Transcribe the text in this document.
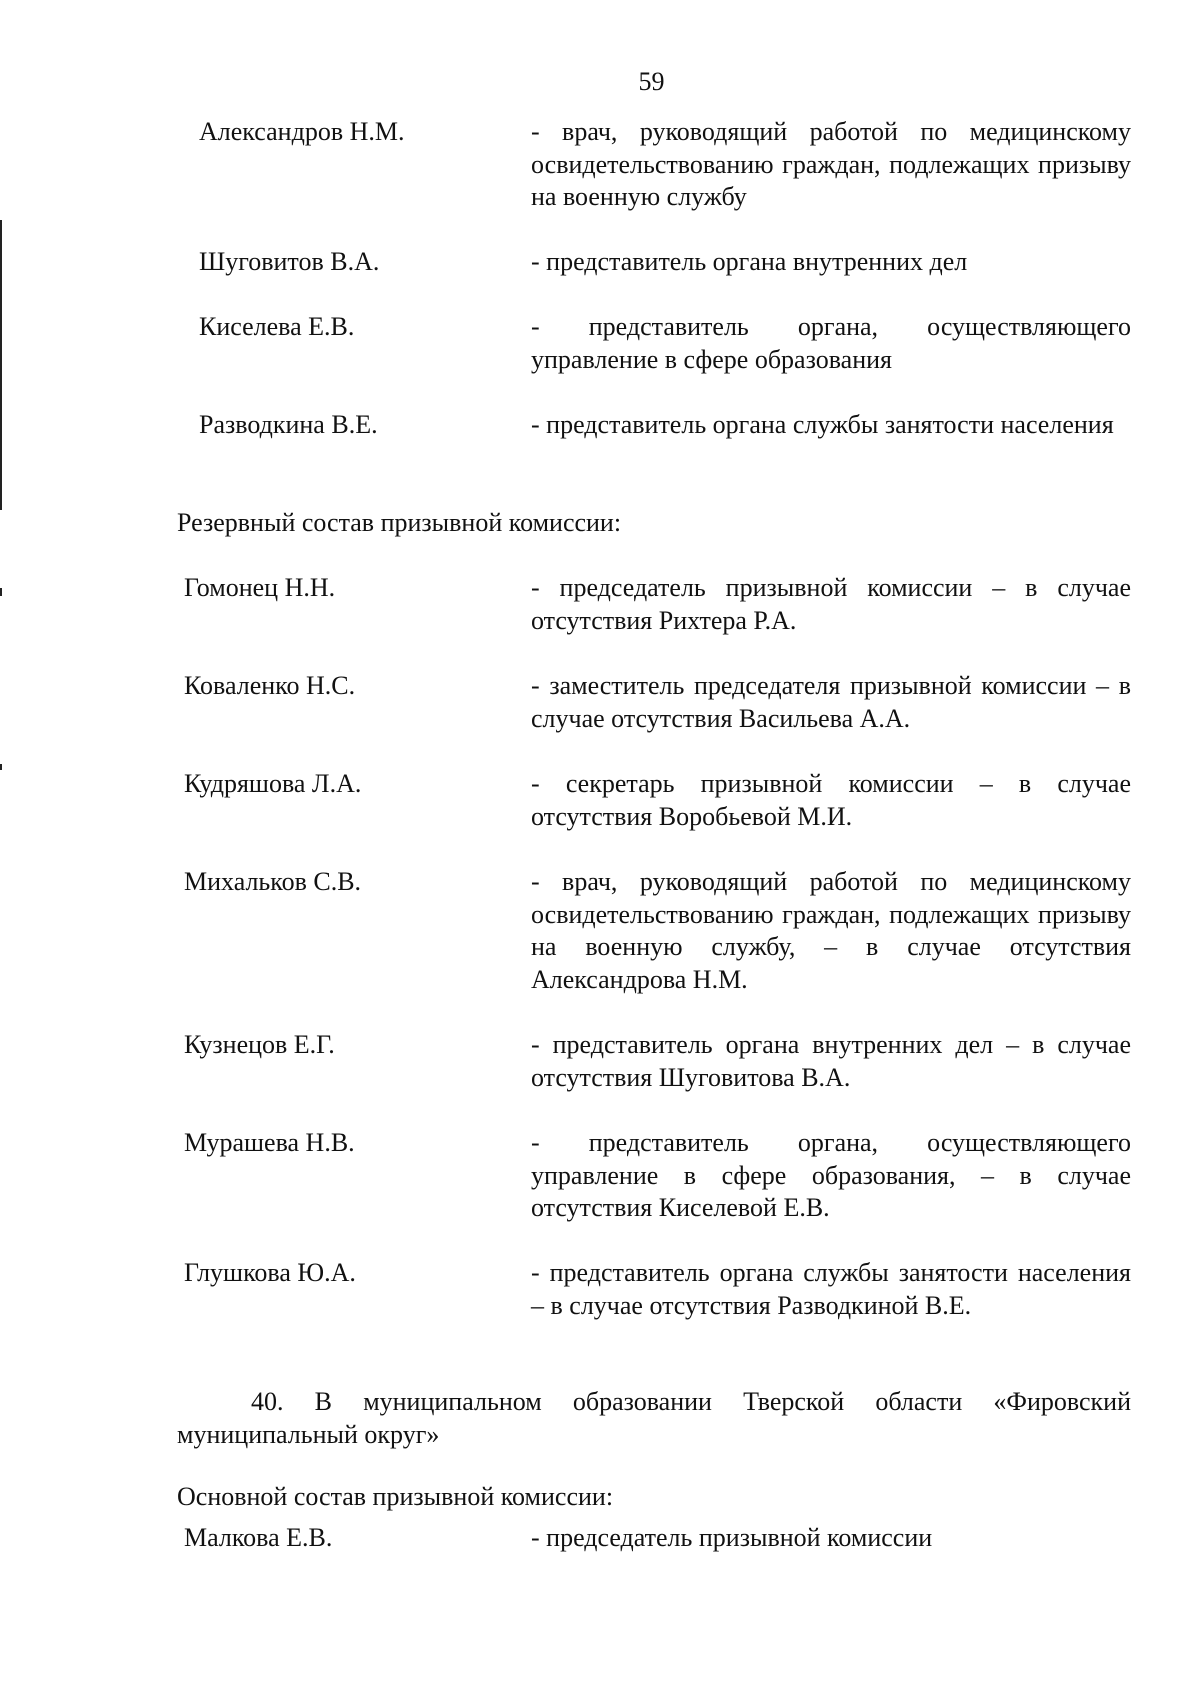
59
Александров Н.М.	- врач, руководящий работой по медицинскому освидетельствованию граждан, подлежащих призыву на военную службу
Шуговитов В.А.	- представитель органа внутренних дел
Киселева Е.В.	- представитель органа, осуществляющего управление в сфере образования
Разводкина В.Е.	- представитель органа службы занятости населения
Резервный состав призывной комиссии:
Гомонец Н.Н.	- председатель призывной комиссии – в случае отсутствия Рихтера Р.А.
Коваленко Н.С.	- заместитель председателя призывной комиссии – в случае отсутствия Васильева А.А.
Кудряшова Л.А.	- секретарь призывной комиссии – в случае отсутствия Воробьевой М.И.
Михальков С.В.	- врач, руководящий работой по медицинскому освидетельствованию граждан, подлежащих призыву на военную службу, – в случае отсутствия Александрова Н.М.
Кузнецов Е.Г.	- представитель органа внутренних дел – в случае отсутствия Шуговитова В.А.
Мурашева Н.В.	- представитель органа, осуществляющего управление в сфере образования, – в случае отсутствия Киселевой Е.В.
Глушкова Ю.А.	- представитель органа службы занятости населения – в случае отсутствия Разводкиной В.Е.
40. В муниципальном образовании Тверской области «Фировский муниципальный округ»
Основной состав призывной комиссии:
Малкова Е.В.	- председатель призывной комиссии
